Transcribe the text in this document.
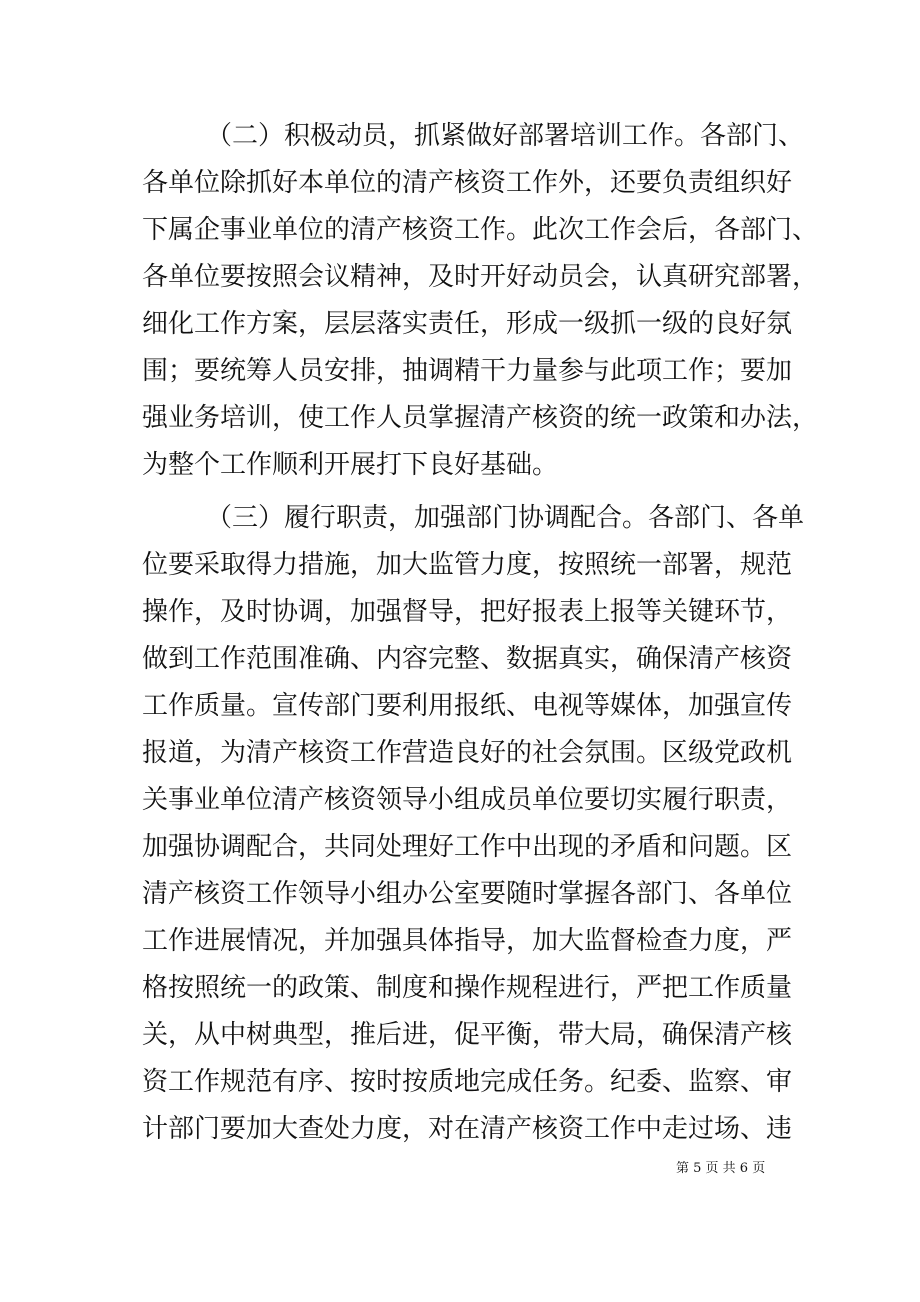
（二）积极动员，抓紧做好部署培训工作。各部门、
各单位除抓好本单位的清产核资工作外，还要负责组织好
下属企事业单位的清产核资工作。此次工作会后，各部门、
各单位要按照会议精神，及时开好动员会，认真研究部署，
细化工作方案，层层落实责任，形成一级抓一级的良好氛
围；要统筹人员安排，抽调精干力量参与此项工作；要加
强业务培训，使工作人员掌握清产核资的统一政策和办法，
为整个工作顺利开展打下良好基础。
（三）履行职责，加强部门协调配合。各部门、各单
位要采取得力措施，加大监管力度，按照统一部署，规范
操作，及时协调，加强督导，把好报表上报等关键环节，
做到工作范围准确、内容完整、数据真实，确保清产核资
工作质量。宣传部门要利用报纸、电视等媒体，加强宣传
报道，为清产核资工作营造良好的社会氛围。区级党政机
关事业单位清产核资领导小组成员单位要切实履行职责，
加强协调配合，共同处理好工作中出现的矛盾和问题。区
清产核资工作领导小组办公室要随时掌握各部门、各单位
工作进展情况，并加强具体指导，加大监督检查力度，严
格按照统一的政策、制度和操作规程进行，严把工作质量
关，从中树典型，推后进，促平衡，带大局，确保清产核
资工作规范有序、按时按质地完成任务。纪委、监察、审
计部门要加大查处力度，对在清产核资工作中走过场、违
第 5 页 共 6 页
